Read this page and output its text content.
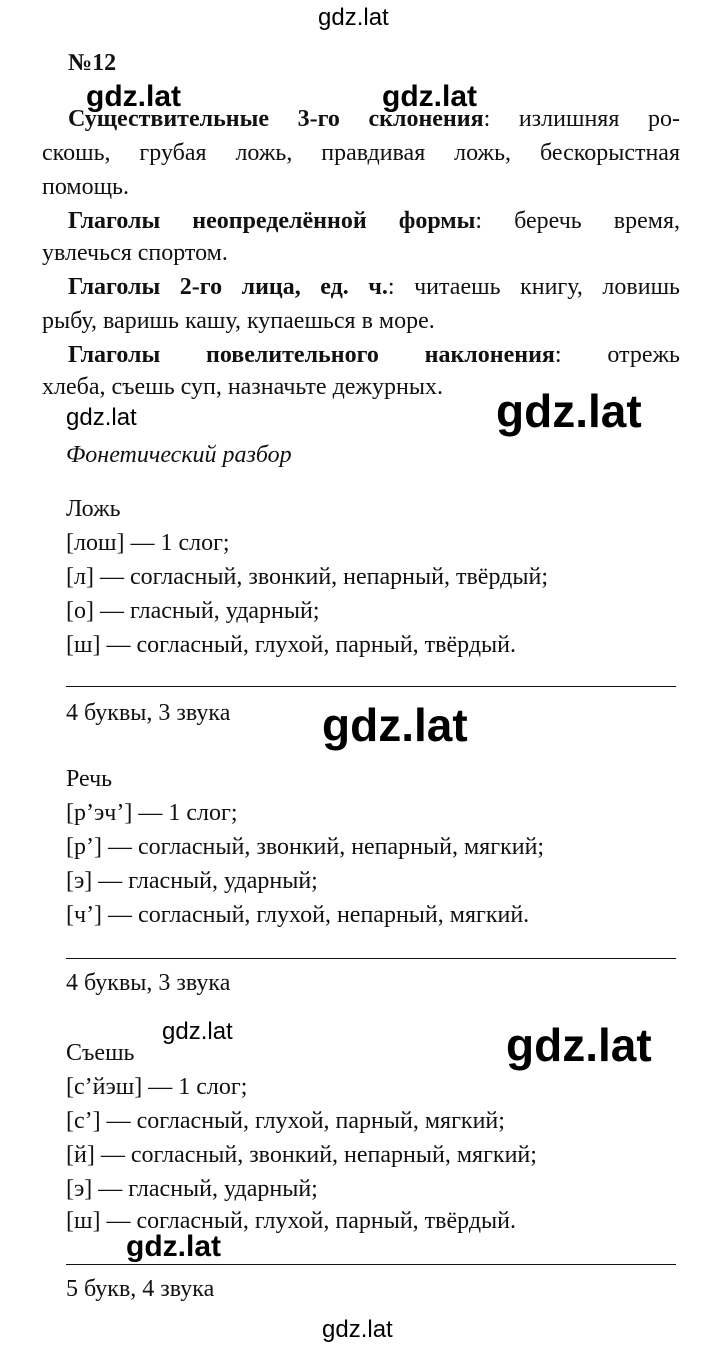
gdz.lat
gdz.lat	gdz.lat
gdz.lat
gdz.lat
gdz.lat
gdz.lat	gdz.lat
gdz.lat
gdz.lat
№12
Существительные 3-го склонения: излишняя ро-
скошь, грубая ложь, правдивая ложь, бескорыстная
помощь.
Глаголы неопределённой формы: беречь время,
увлечься спортом.
Глаголы 2-го лица, ед. ч.: читаешь книгу, ловишь
рыбу, варишь кашу, купаешься в море.
Глаголы повелительного наклонения: отрежь
хлеба, съешь суп, назначьте дежурных.
Фонетический разбор
Ложь
[лош] — 1 слог;
[л] — согласный, звонкий, непарный, твёрдый;
[о] — гласный, ударный;
[ш] — согласный, глухой, парный, твёрдый.
4 буквы, 3 звука
Речь
[р’эч’] — 1 слог;
[р’] — согласный, звонкий, непарный, мягкий;
[э] — гласный, ударный;
[ч’] — согласный, глухой, непарный, мягкий.
4 буквы, 3 звука
Съешь
[с’йэш] — 1 слог;
[с’] — согласный, глухой, парный, мягкий;
[й] — согласный, звонкий, непарный, мягкий;
[э] — гласный, ударный;
[ш] — согласный, глухой, парный, твёрдый.
5 букв, 4 звука
